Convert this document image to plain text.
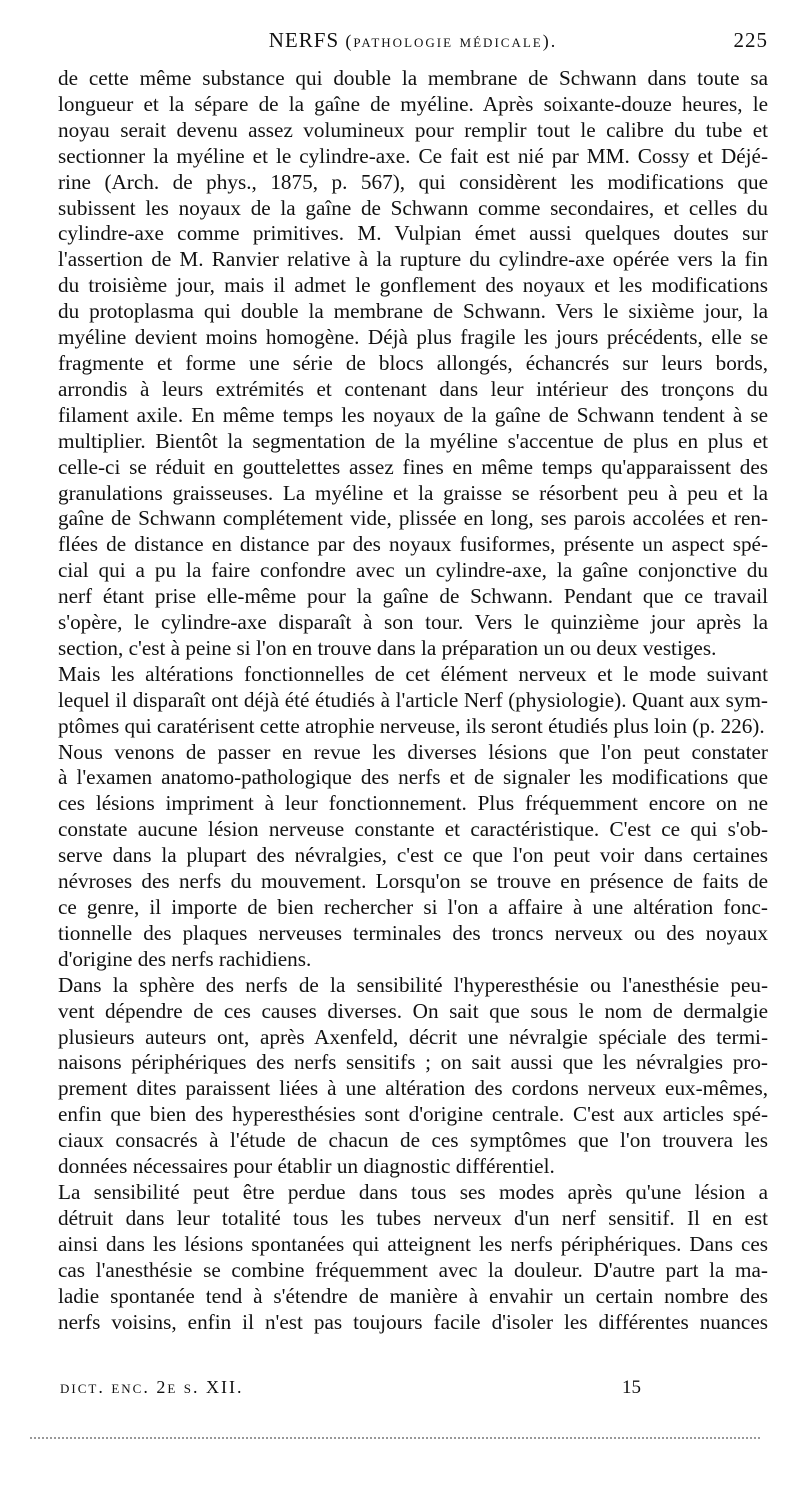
NERFS (pathologie médicale).	225
de cette même substance qui double la membrane de Schwann dans toute sa
longueur et la sépare de la gaîne de myéline. Après soixante-douze heures, le
noyau serait devenu assez volumineux pour remplir tout le calibre du tube et
sectionner la myéline et le cylindre-axe. Ce fait est nié par MM. Cossy et Déjé-
rine (Arch. de phys., 1875, p. 567), qui considèrent les modifications que
subissent les noyaux de la gaîne de Schwann comme secondaires, et celles du
cylindre-axe comme primitives. M. Vulpian émet aussi quelques doutes sur
l'assertion de M. Ranvier relative à la rupture du cylindre-axe opérée vers la fin
du troisième jour, mais il admet le gonflement des noyaux et les modifications
du protoplasma qui double la membrane de Schwann. Vers le sixième jour, la
myéline devient moins homogène. Déjà plus fragile les jours précédents, elle se
fragmente et forme une série de blocs allongés, échancrés sur leurs bords,
arrondis à leurs extrémités et contenant dans leur intérieur des tronçons du
filament axile. En même temps les noyaux de la gaîne de Schwann tendent à se
multiplier. Bientôt la segmentation de la myéline s'accentue de plus en plus et
celle-ci se réduit en gouttelettes assez fines en même temps qu'apparaissent des
granulations graisseuses. La myéline et la graisse se résorbent peu à peu et la
gaîne de Schwann complétement vide, plissée en long, ses parois accolées et ren-
flées de distance en distance par des noyaux fusiformes, présente un aspect spé-
cial qui a pu la faire confondre avec un cylindre-axe, la gaîne conjonctive du
nerf étant prise elle-même pour la gaîne de Schwann. Pendant que ce travail
s'opère, le cylindre-axe disparaît à son tour. Vers le quinzième jour après la
section, c'est à peine si l'on en trouve dans la préparation un ou deux vestiges.
Mais les altérations fonctionnelles de cet élément nerveux et le mode suivant
lequel il disparaît ont déjà été étudiés à l'article Nerf (physiologie). Quant aux sym-
ptômes qui caratérisent cette atrophie nerveuse, ils seront étudiés plus loin (p. 226).
Nous venons de passer en revue les diverses lésions que l'on peut constater
à l'examen anatomo-pathologique des nerfs et de signaler les modifications que
ces lésions impriment à leur fonctionnement. Plus fréquemment encore on ne
constate aucune lésion nerveuse constante et caractéristique. C'est ce qui s'ob-
serve dans la plupart des névralgies, c'est ce que l'on peut voir dans certaines
névroses des nerfs du mouvement. Lorsqu'on se trouve en présence de faits de
ce genre, il importe de bien rechercher si l'on a affaire à une altération fonc-
tionnelle des plaques nerveuses terminales des troncs nerveux ou des noyaux
d'origine des nerfs rachidiens.
Dans la sphère des nerfs de la sensibilité l'hyperesthésie ou l'anesthésie peu-
vent dépendre de ces causes diverses. On sait que sous le nom de dermalgie
plusieurs auteurs ont, après Axenfeld, décrit une névralgie spéciale des termi-
naisons périphériques des nerfs sensitifs ; on sait aussi que les névralgies pro-
prement dites paraissent liées à une altération des cordons nerveux eux-mêmes,
enfin que bien des hyperesthésies sont d'origine centrale. C'est aux articles spé-
ciaux consacrés à l'étude de chacun de ces symptômes que l'on trouvera les
données nécessaires pour établir un diagnostic différentiel.
La sensibilité peut être perdue dans tous ses modes après qu'une lésion a
détruit dans leur totalité tous les tubes nerveux d'un nerf sensitif. Il en est
ainsi dans les lésions spontanées qui atteignent les nerfs périphériques. Dans ces
cas l'anesthésie se combine fréquemment avec la douleur. D'autre part la ma-
ladie spontanée tend à s'étendre de manière à envahir un certain nombre des
nerfs voisins, enfin il n'est pas toujours facile d'isoler les différentes nuances
dict. enc. 2e s. XII.	15
